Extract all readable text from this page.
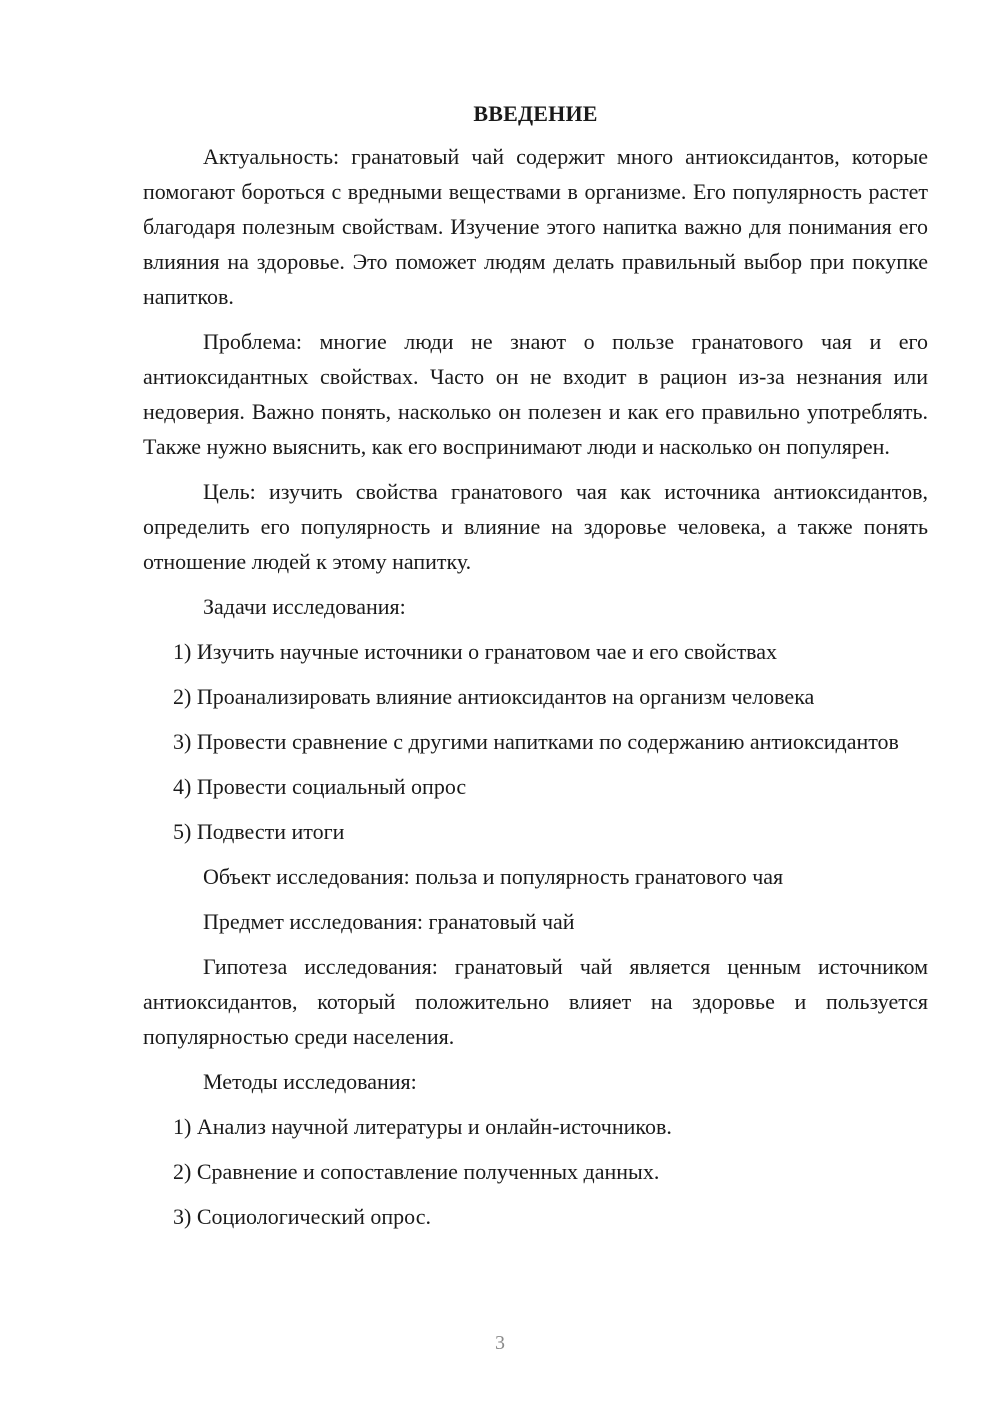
ВВЕДЕНИЕ

Актуальность: гранатовый чай содержит много антиоксидантов, которые помогают бороться с вредными веществами в организме. Его популярность растет благодаря полезным свойствам. Изучение этого напитка важно для понимания его влияния на здоровье. Это поможет людям делать правильный выбор при покупке напитков.

Проблема: многие люди не знают о пользе гранатового чая и его антиоксидантных свойствах. Часто он не входит в рацион из-за незнания или недоверия. Важно понять, насколько он полезен и как его правильно употреблять. Также нужно выяснить, как его воспринимают люди и насколько он популярен.

Цель: изучить свойства гранатового чая как источника антиоксидантов, определить его популярность и влияние на здоровье человека, а также понять отношение людей к этому напитку.

Задачи исследования:

1) Изучить научные источники о гранатовом чае и его свойствах

2) Проанализировать влияние антиоксидантов на организм человека

3) Провести сравнение с другими напитками по содержанию антиоксидантов

4) Провести социальный опрос

5) Подвести итоги

Объект исследования: польза и популярность гранатового чая

Предмет исследования: гранатовый чай

Гипотеза исследования: гранатовый чай является ценным источником антиоксидантов, который положительно влияет на здоровье и пользуется популярностью среди населения.

Методы исследования:

1) Анализ научной литературы и онлайн-источников.

2) Сравнение и сопоставление полученных данных.

3) Социологический опрос.

3
